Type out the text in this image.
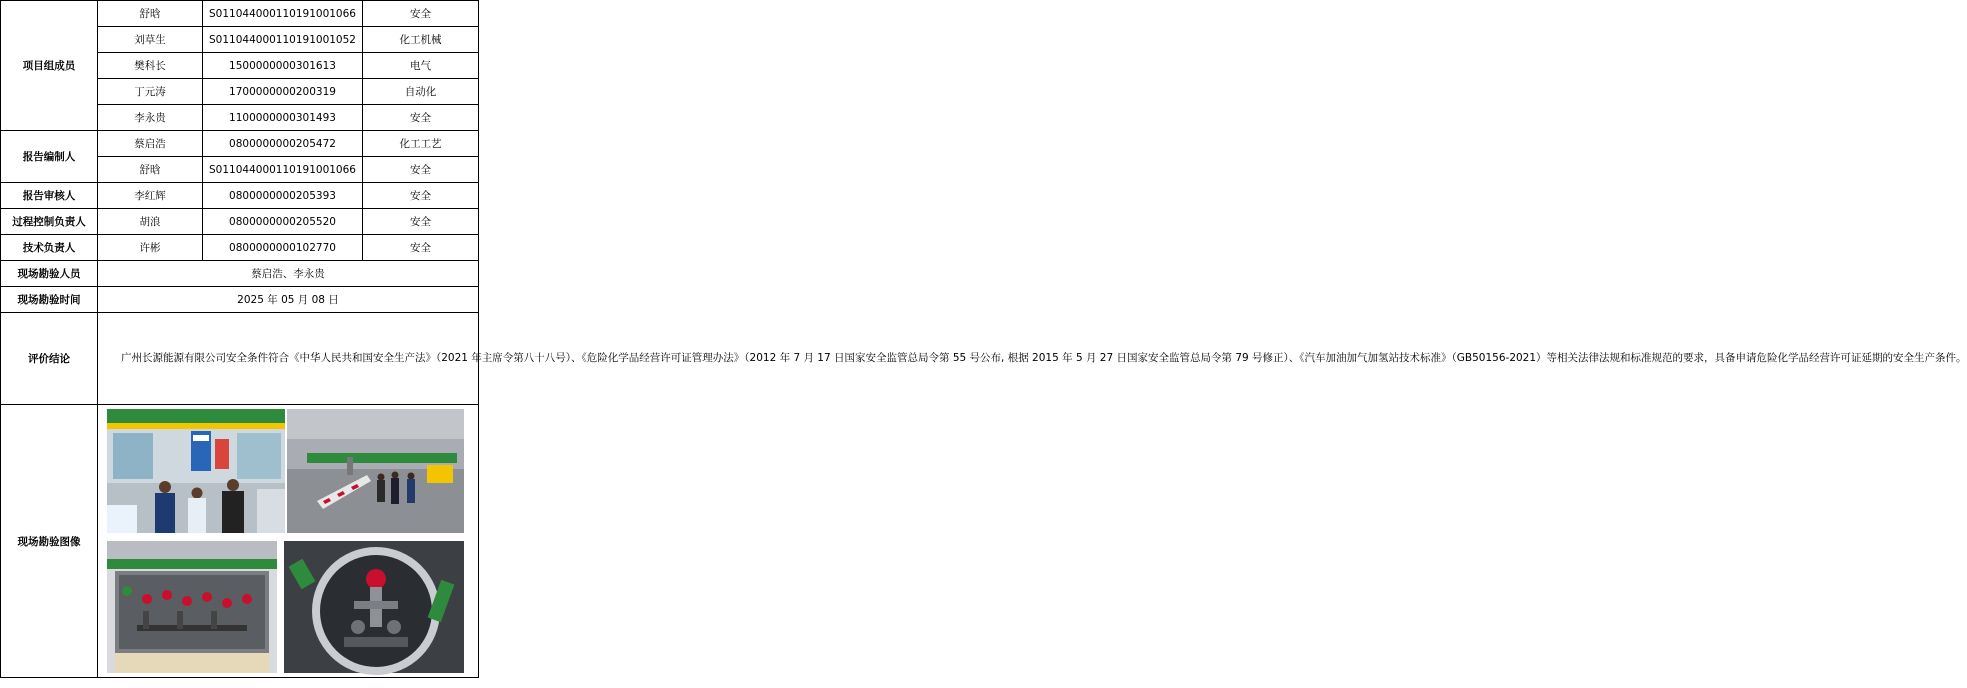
项目组成员	舒晗	S011044000110191001066	安全
	刘草生	S011044000110191001052	化工机械
	樊科长	1500000000301613	电气
	丁元涛	1700000000200319	自动化
	李永贵	1100000000301493	安全
报告编制人	蔡启浩	0800000000205472	化工工艺
	舒晗	S011044000110191001066	安全
报告审核人	李红辉	0800000000205393	安全
过程控制负责人	胡浪	0800000000205520	安全
技术负责人	许彬	0800000000102770	安全
现场勘验人员	蔡启浩、李永贵		
现场勘验时间	2025 年 05 月 08 日		
评价结论	广州长源能源有限公司安全条件符合《中华人民共和国安全生产法》（2021 年主席令第八十八号）、《危险化学品经营许可证管理办法》（2012 年 7 月 17 日国家安全监管总局令第 55 号公布, 根据 2015 年 5 月 27 日国家安全监管总局令第 79 号修正）、《汽车加油加气加氢站技术标准》（GB50156-2021）等相关法律法规和标准规范的要求，具备申请危险化学品经营许可证延期的安全生产条件。		
现场勘验图像	
